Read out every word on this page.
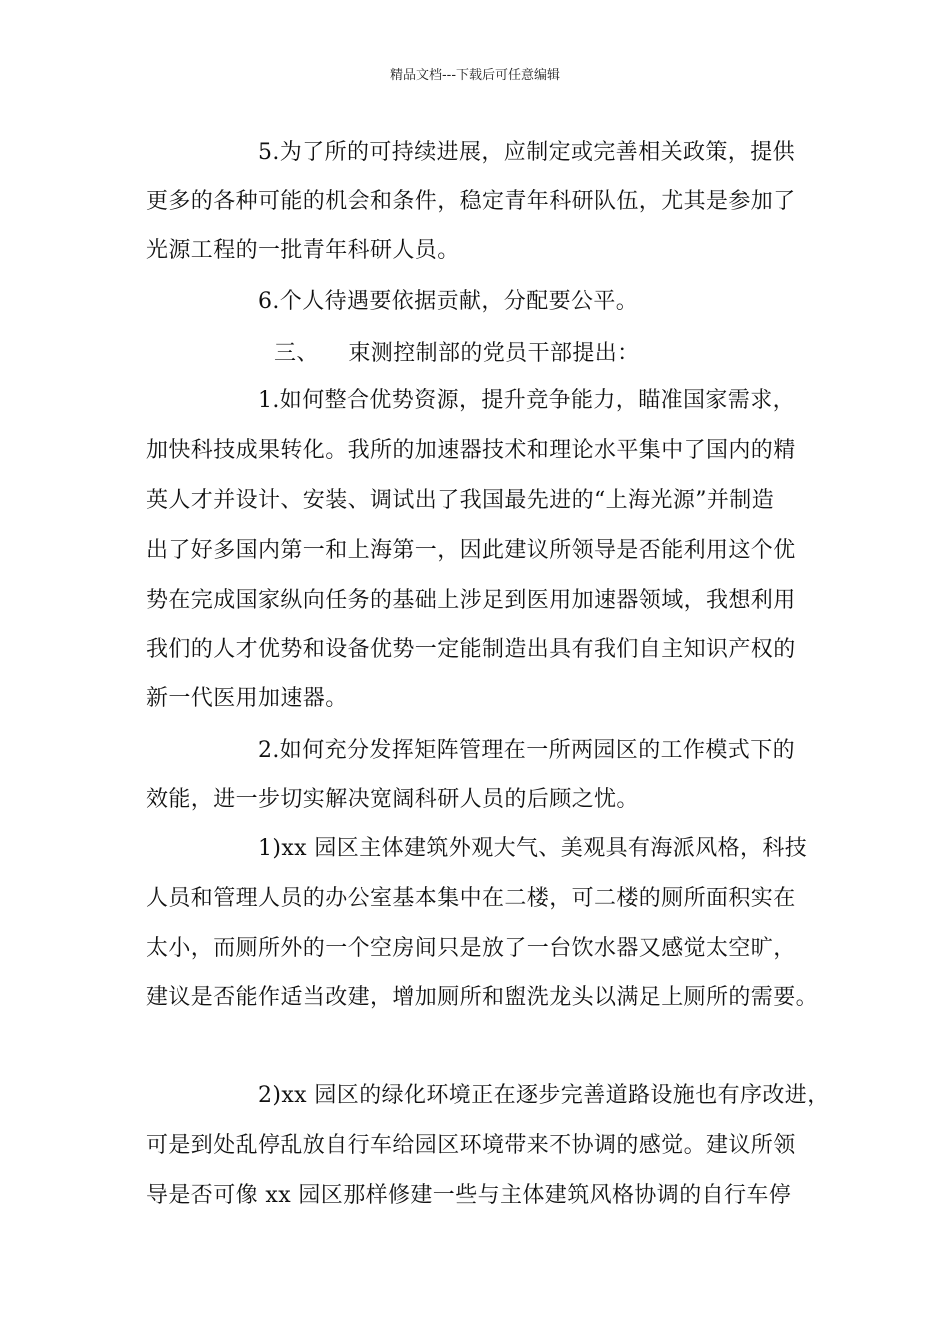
精品文档---下载后可任意编辑
5.为了所的可持续进展，应制定或完善相关政策，提供
更多的各种可能的机会和条件，稳定青年科研队伍，尤其是参加了
光源工程的一批青年科研人员。
6.个人待遇要依据贡献，分配要公平。
三、    束测控制部的党员干部提出：
1.如何整合优势资源，提升竞争能力，瞄准国家需求，
加快科技成果转化。我所的加速器技术和理论水平集中了国内的精
英人才并设计、安装、调试出了我国最先进的“上海光源”并制造
出了好多国内第一和上海第一，因此建议所领导是否能利用这个优
势在完成国家纵向任务的基础上涉足到医用加速器领域，我想利用
我们的人才优势和设备优势一定能制造出具有我们自主知识产权的
新一代医用加速器。
2.如何充分发挥矩阵管理在一所两园区的工作模式下的
效能，进一步切实解决宽阔科研人员的后顾之忧。
1)xx 园区主体建筑外观大气、美观具有海派风格，科技
人员和管理人员的办公室基本集中在二楼，可二楼的厕所面积实在
太小，而厕所外的一个空房间只是放了一台饮水器又感觉太空旷，
建议是否能作适当改建，增加厕所和盥洗龙头以满足上厕所的需要。
2)xx 园区的绿化环境正在逐步完善道路设施也有序改进，
可是到处乱停乱放自行车给园区环境带来不协调的感觉。建议所领
导是否可像 xx 园区那样修建一些与主体建筑风格协调的自行车停
